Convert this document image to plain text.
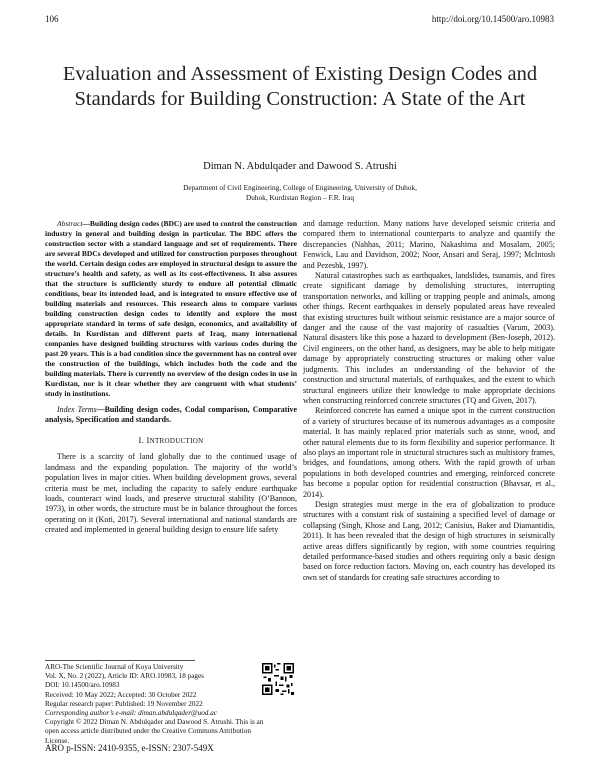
106	http://doi.org/10.14500/aro.10983
Evaluation and Assessment of Existing Design Codes and Standards for Building Construction: A State of the Art
Diman N. Abdulqader and Dawood S. Atrushi
Department of Civil Engineering, College of Engineering, University of Duhok,
Duhok, Kurdistan Region – F.R. Iraq

Abstract—Building design codes (BDC) are used to control the construction industry in general and building design in particular. The BDC offers the construction sector with a standard language and set of requirements. There are several BDCs developed and utilized for construction purposes throughout the world. Certain design codes are employed in structural design to assure the structure’s health and safety, as well as its cost-effectiveness. It also assures that the structure is sufficiently sturdy to endure all potential climatic conditions, bear its intended load, and is integrated to ensure effective use of building materials and resources. This research aims to compare various building construction design codes to identify and explore the most appropriate standard in terms of safe design, economics, and availability of details. In Kurdistan and different parts of Iraq, many international companies have designed building structures with various codes during the past 20 years. This is a bad condition since the government has no control over the construction of the buildings, which includes both the code and the building materials. There is currently no overview of the design codes in use in Kurdistan, nor is it clear whether they are congruent with what students’ study in institutions.

Index Terms—Building design codes, Codal comparison, Comparative analysis, Specification and standards.

I. INTRODUCTION

There is a scarcity of land globally due to the continued usage of landmass and the expanding population. The majority of the world’s population lives in major cities. When building development grows, several criteria must be met, including the capacity to safely endure earthquake loads, counteract wind loads, and preserve structural stability (O’Bannon, 1973), in other words, the structure must be in balance throughout the forces operating on it (Koti, 2017). Several international and national standards are created and implemented in general building design to ensure life safety

and damage reduction. Many nations have developed seismic criteria and compared them to international counterparts to analyze and quantify the discrepancies (Nahhas, 2011; Marino, Nakashima and Mosalam, 2005; Fenwick, Lau and Davidson, 2002; Noor, Ansari and Seraj, 1997; McIntosh and Pezeshk, 1997).

Natural catastrophes such as earthquakes, landslides, tsunamis, and fires create significant damage by demolishing structures, interrupting transportation networks, and killing or trapping people and animals, among other things. Recent earthquakes in densely populated areas have revealed that existing structures built without seismic resistance are a major source of danger and the cause of the vast majority of casualties (Varum, 2003). Natural disasters like this pose a hazard to development (Ben-Joseph, 2012). Civil engineers, on the other hand, as designers, may be able to help mitigate damage by appropriately constructing structures or making other value judgments. This includes an understanding of the behavior of the construction and structural materials, of earthquakes, and the extent to which structural engineers utilize their knowledge to make appropriate decisions when constructing reinforced concrete structures (TQ and Given, 2017).

Reinforced concrete has earned a unique spot in the current construction of a variety of structures because of its numerous advantages as a composite material. It has mainly replaced prior materials such as stone, wood, and other natural elements due to its form flexibility and superior performance. It also plays an important role in structural structures such as multistory frames, bridges, and foundations, among others. With the rapid growth of urban populations in both developed countries and emerging, reinforced concrete has become a popular option for residential construction (Bhavsar, et al., 2014).

Design strategies must merge in the era of globalization to produce structures with a constant risk of sustaining a specified level of damage or collapsing (Singh, Khose and Lang, 2012; Canisius, Baker and Diamantidis, 2011). It has been revealed that the design of high structures in seismically active areas differs significantly by region, with some countries requiring detailed performance-based studies and others requiring only a basic design based on force reduction factors. Moving on, each country has developed its own set of standards for creating safe structures according to

ARO-The Scientific Journal of Koya University
Vol. X, No. 2 (2022), Article ID: ARO.10983, 18 pages
DOI: 10.14500/aro.10983
Received: 10 May 2022; Accepted: 30 October 2022
Regular research paper: Published: 19 November 2022
Corresponding author’s e-mail: diman.abdulqader@uod.ac
Copyright © 2022 Diman N. Abdulqader and Dawood S. Atrushi. This is an open access article distributed under the Creative Commons Attribution License.
ARO p-ISSN: 2410-9355, e-ISSN: 2307-549X
